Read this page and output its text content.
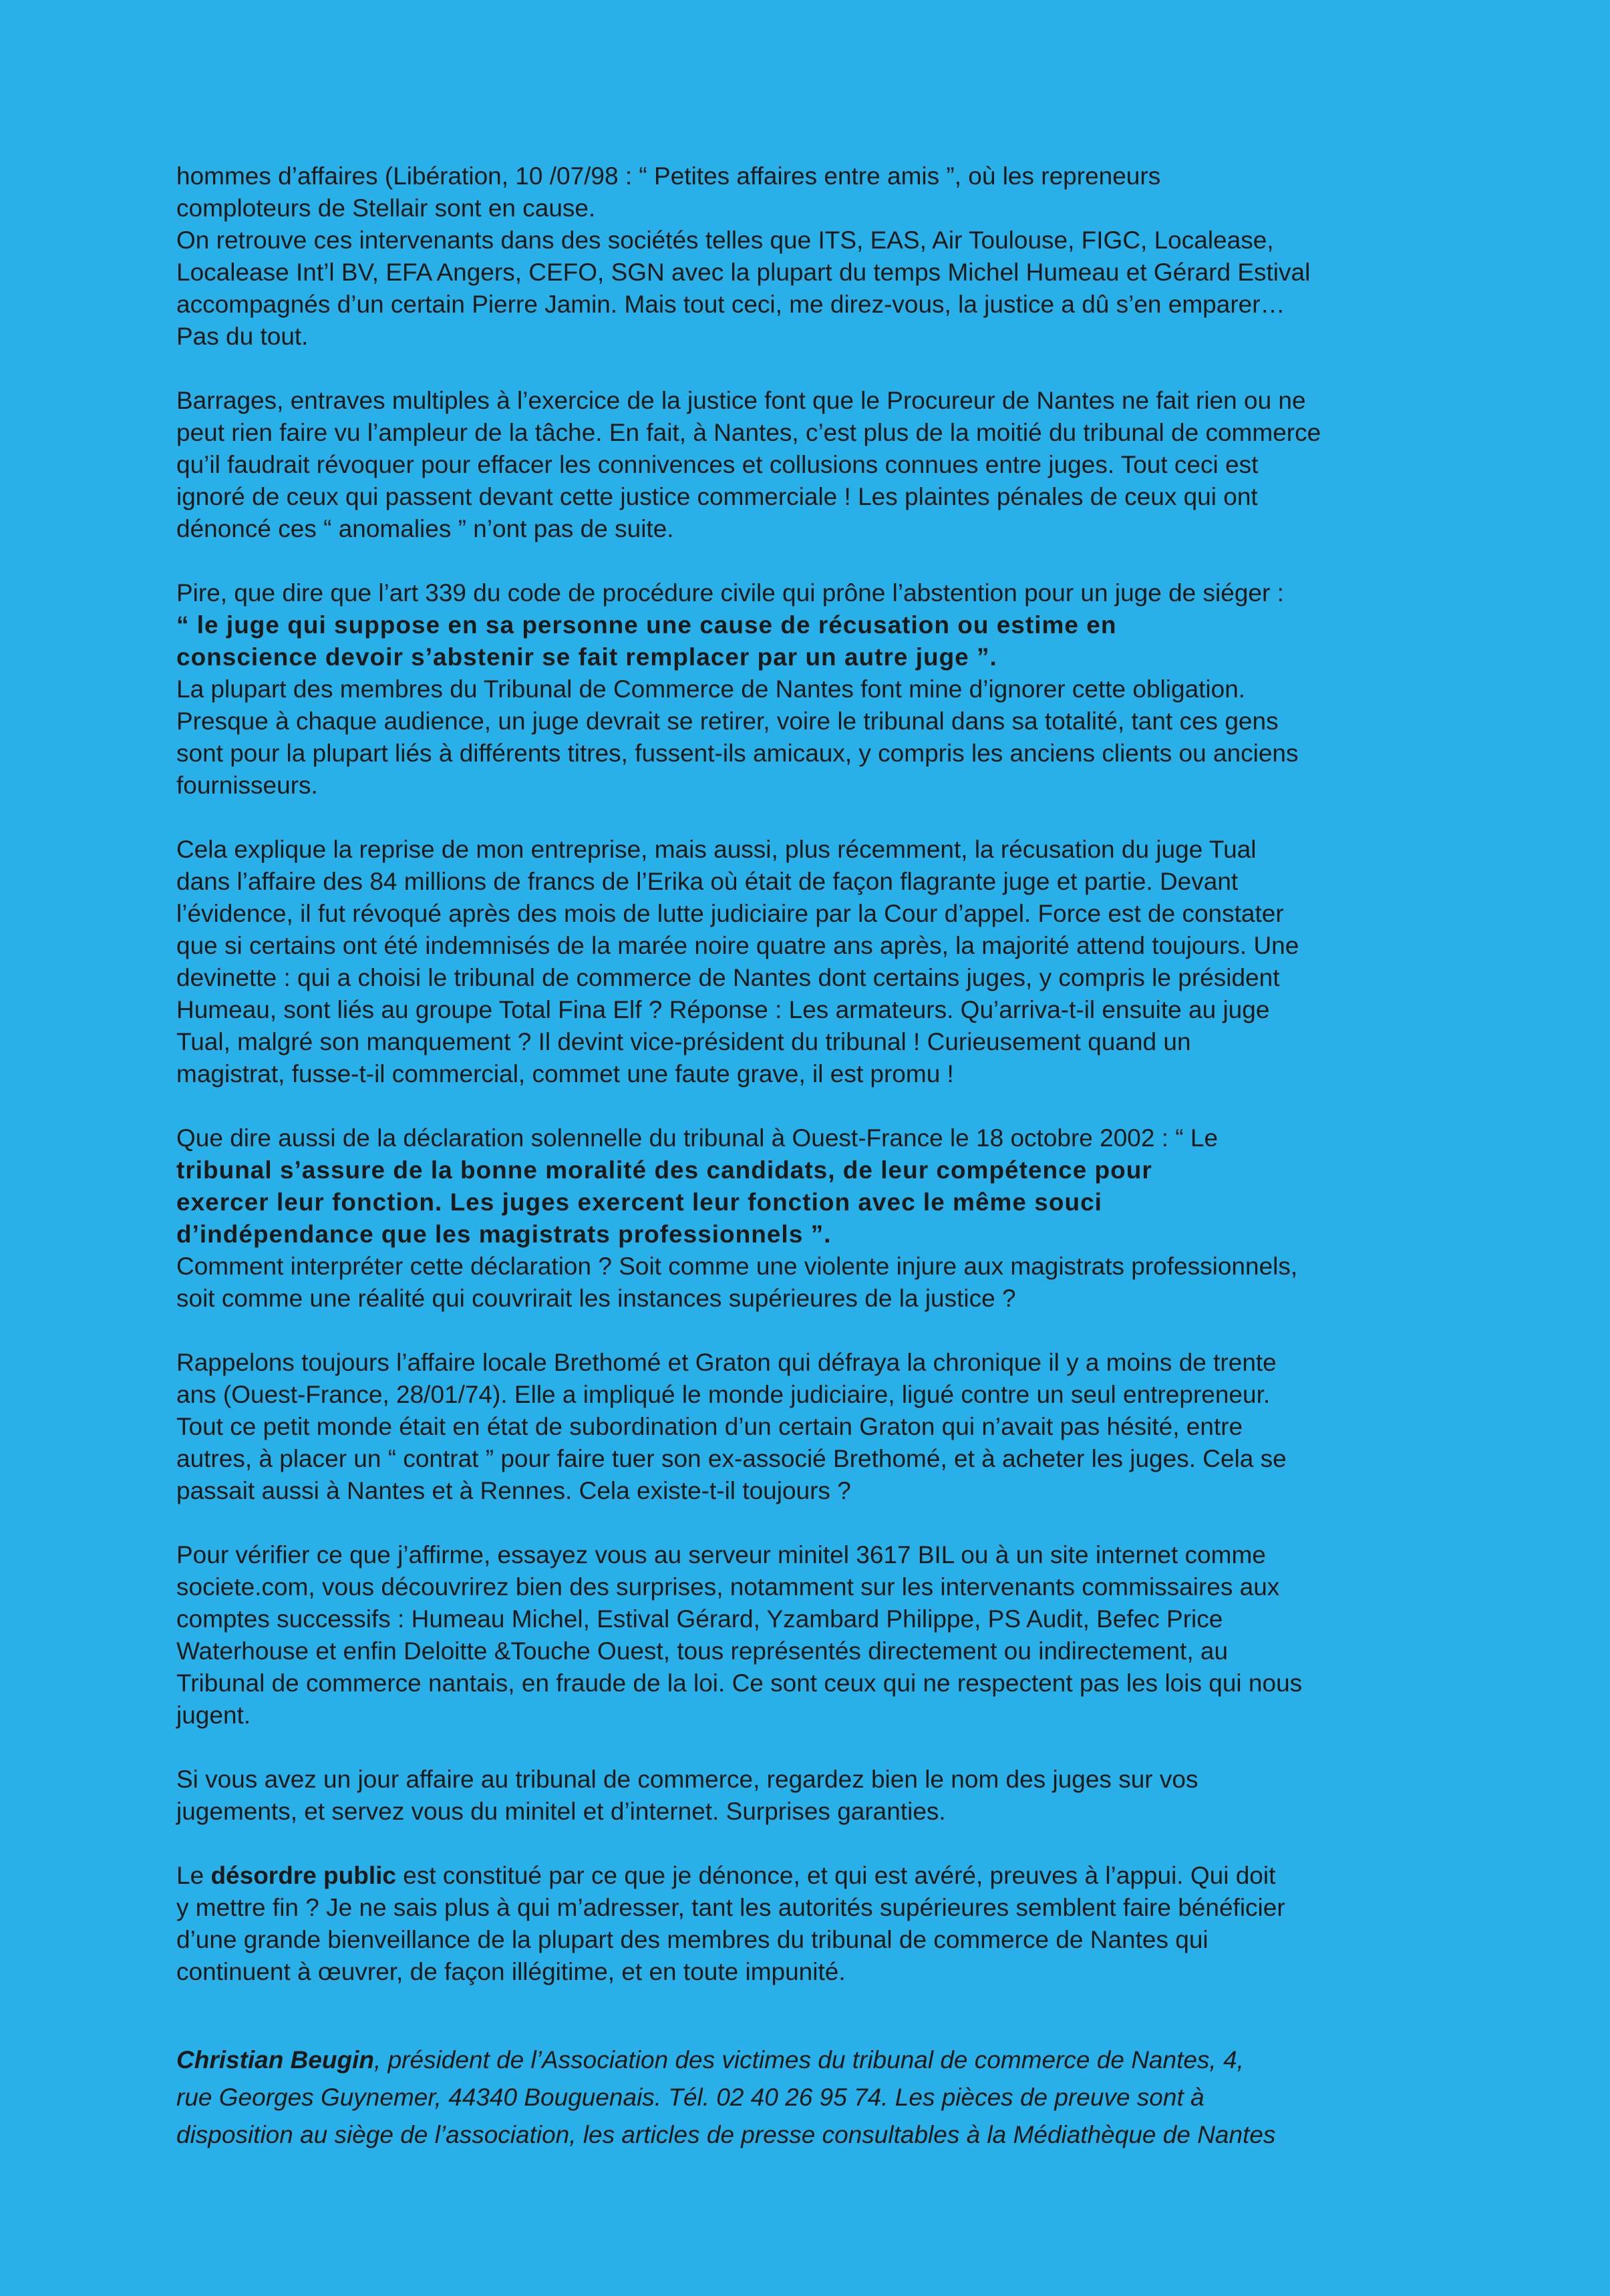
hommes d’affaires (Libération, 10 /07/98 : “ Petites affaires entre amis ”, où les repreneurs
comploteurs de Stellair sont en cause.
On retrouve ces intervenants dans des sociétés telles que ITS, EAS, Air Toulouse, FIGC, Localease,
Localease Int’l BV, EFA Angers, CEFO, SGN avec la plupart du temps Michel Humeau et Gérard Estival
accompagnés d’un certain Pierre Jamin. Mais tout ceci, me direz-vous, la justice a dû s’en emparer…
Pas du tout.

Barrages, entraves multiples à l’exercice de la justice font que le Procureur de Nantes ne fait rien ou ne
peut rien faire vu l’ampleur de la tâche. En fait, à Nantes, c’est plus de la moitié du tribunal de commerce
qu’il faudrait révoquer pour effacer les connivences et collusions connues entre juges. Tout ceci est
ignoré de ceux qui passent devant cette justice commerciale ! Les plaintes pénales de ceux qui ont
dénoncé ces “ anomalies ” n’ont pas de suite.

Pire, que dire que l’art 339 du code de procédure civile qui prône l’abstention pour un juge de siéger :
“ le juge qui suppose en sa personne une cause de récusation ou estime en
conscience devoir s’abstenir se fait remplacer par un autre juge ”.
La plupart des membres du Tribunal de Commerce de Nantes font mine d’ignorer cette obligation.
Presque à chaque audience, un juge devrait se retirer, voire le tribunal dans sa totalité, tant ces gens
sont pour la plupart liés à différents titres, fussent-ils amicaux, y compris les anciens clients ou anciens
fournisseurs.

Cela explique la reprise de mon entreprise, mais aussi, plus récemment, la récusation du juge Tual
dans l’affaire des 84 millions de francs de l’Erika où était de façon flagrante juge et partie. Devant
l’évidence, il fut révoqué après des mois de lutte judiciaire par la Cour d’appel. Force est de constater
que si certains ont été indemnisés de la marée noire quatre ans après, la majorité attend toujours. Une
devinette : qui a choisi le tribunal de commerce de Nantes dont certains juges, y compris le président
Humeau, sont liés au groupe Total Fina Elf ? Réponse : Les armateurs. Qu’arriva-t-il ensuite au juge
Tual, malgré son manquement ? Il devint vice-président du tribunal ! Curieusement quand un
magistrat, fusse-t-il commercial, commet une faute grave, il est promu !

Que dire aussi de la déclaration solennelle du tribunal à Ouest-France le 18 octobre 2002 : “ Le
tribunal s’assure de la bonne moralité des candidats, de leur compétence pour
exercer leur fonction. Les juges exercent leur fonction avec le même souci
d’indépendance que les magistrats professionnels ”.
Comment interpréter cette déclaration ? Soit comme une violente injure aux magistrats professionnels,
soit comme une réalité qui couvrirait les instances supérieures de la justice ?

Rappelons toujours l’affaire locale Brethomé et Graton qui défraya la chronique il y a moins de trente
ans (Ouest-France, 28/01/74). Elle a impliqué le monde judiciaire, ligué contre un seul entrepreneur.
Tout ce petit monde était en état de subordination d’un certain Graton qui n’avait pas hésité, entre
autres, à placer un “ contrat ” pour faire tuer son ex-associé Brethomé, et à acheter les juges. Cela se
passait aussi à Nantes et à Rennes. Cela existe-t-il toujours ?

Pour vérifier ce que j’affirme, essayez vous au serveur minitel 3617 BIL ou à un site internet comme
societe.com, vous découvrirez bien des surprises, notamment sur les intervenants commissaires aux
comptes successifs : Humeau Michel, Estival Gérard, Yzambard Philippe, PS Audit, Befec Price
Waterhouse et enfin Deloitte &Touche Ouest, tous représentés directement ou indirectement, au
Tribunal de commerce nantais, en fraude de la loi. Ce sont ceux qui ne respectent pas les lois qui nous
jugent.

Si vous avez un jour affaire au tribunal de commerce, regardez bien le nom des juges sur vos
jugements, et servez vous du minitel et d’internet. Surprises garanties.

Le désordre public est constitué par ce que je dénonce, et qui est avéré, preuves à l’appui. Qui doit
y mettre fin ? Je ne sais plus à qui m’adresser, tant les autorités supérieures semblent faire bénéficier
d’une grande bienveillance de la plupart des membres du tribunal de commerce de Nantes qui
continuent à œuvrer, de façon illégitime, et en toute impunité.

Christian Beugin, président de l’Association des victimes du tribunal de commerce de Nantes, 4,
rue Georges Guynemer, 44340 Bouguenais. Tél. 02 40 26 95 74. Les pièces de preuve sont à
disposition au siège de l’association, les articles de presse consultables à la Médiathèque de Nantes
